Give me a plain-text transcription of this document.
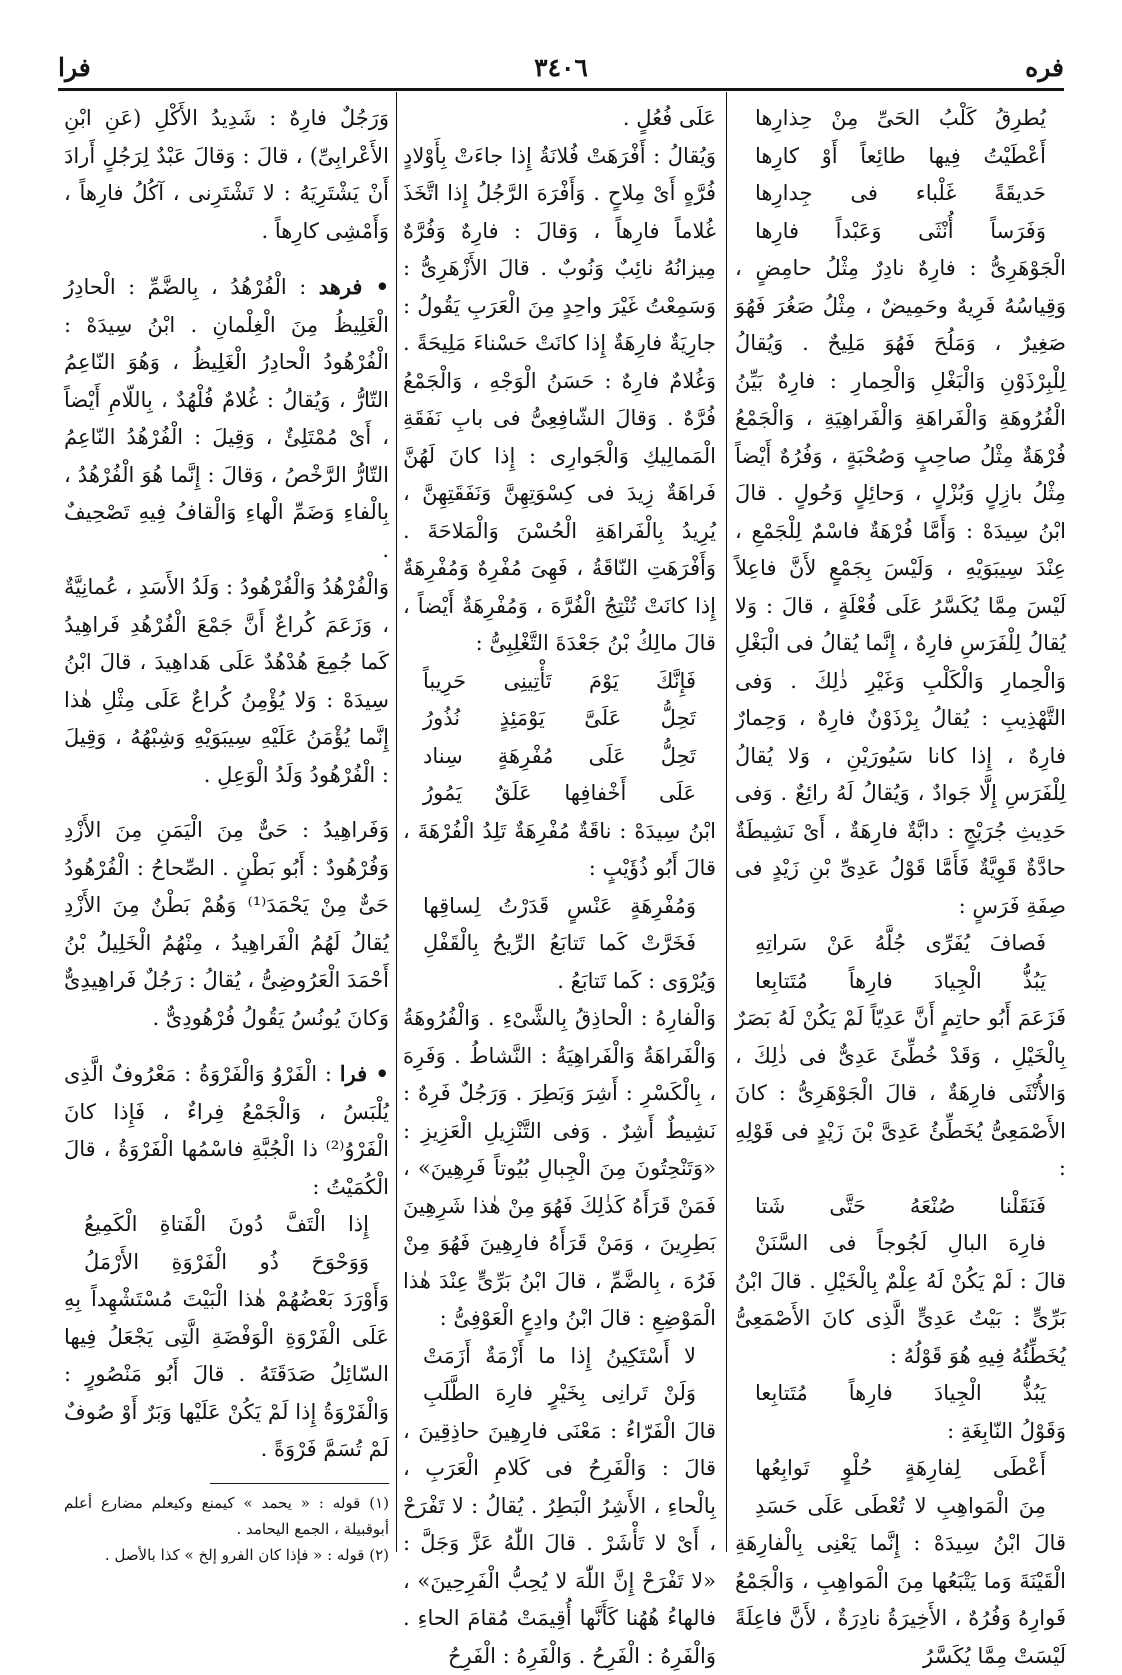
فره
٣٤٠٦
فرا

يُطرِقُ كَلْبُ الحَىِّ مِنْ حِذارِها

أَعْطَيْتُ فِيها طائِعاً أَوْ كارِها

حَديقَةً غَلْباء فى جِدارِها

وَفَرَساً أُنْثَى وَعَبْداً فارِها

الْجَوْهَرِىُّ : فارِهٌ نادِرٌ مِثْلُ حامِضٍ ، وَقِياسُهُ فَرِيهٌ وحَمِيضٌ ، مِثْلُ صَغُرَ فَهُوَ صَغِيرٌ ، وَمَلُحَ فَهُوَ مَلِيحٌ . وَيُقالُ لِلْبِرْذَوْنِ وَالْبَغْلِ وَالْحِمارِ : فارِهٌ بَيِّنُ الْفُرُوهَةِ وَالْفَراهَةِ وَالْفَراهِيَةِ ، وَالْجَمْعُ فُرْهَةٌ مِثْلُ صاحِبٍ وَصُحْبَةٍ ، وَفُرُهٌ أَيْضاً مِثْلُ بازِلٍ وَبُزْلٍ ، وَحائِلٍ وَحُولٍ . قالَ ابْنُ سِيدَهْ : وَأَمَّا فُرْهَةٌ فاسْمٌ لِلْجَمْعِ ، عِنْدَ سِيبَوَيْهِ ، وَلَيْسَ بِجَمْعٍ لأَنَّ فاعِلاً لَيْسَ مِمَّا يُكَسَّرُ عَلَى فُعْلَةٍ ، قالَ : وَلا يُقالُ لِلْفَرَسِ فارِهٌ ، إِنَّما يُقالُ فى الْبَغْلِ وَالْحِمارِ وَالْكَلْبِ وَغَيْرِ ذٰلِكَ . وَفى التَّهْذِيبِ : يُقالُ بِرْذَوْنٌ فارِهٌ ، وَحِمارٌ فارِهٌ ، إِذا كانا سَيُورَيْنِ ، وَلا يُقالُ لِلْفَرَسِ إِلَّا جَوادٌ ، وَيُقالُ لَهُ رائِعٌ . وَفى حَدِيثِ جُرَيْجٍ : دابَّةٌ فارِهَةٌ ، أَىْ نَشِيطَةٌ حادَّةٌ قَوِيَّةٌ فَأَمَّا قَوْلُ عَدِىِّ بْنِ زَيْدٍ فى صِفَةِ فَرَسٍ :

فَصافَ يُفَرِّى جُلَّهُ عَنْ سَراتِهِ

يَبُذُّ الْجِيادَ فارِهاً مُتَتابِعا

فَزَعَمَ أَبُو حاتِمٍ أَنَّ عَدِيّاً لَمْ يَكُنْ لَهُ بَصَرٌ بِالْخَيْلِ ، وَقَدْ خُطِّئَ عَدِىٌّ فى ذٰلِكَ ، وَالأُنْثَى فارِهَةٌ ، قالَ الْجَوْهَرِىُّ : كانَ الأَصْمَعِىُّ يُخَطِّئُ عَدِىَّ بْنَ زَيْدٍ فى قَوْلِهِ :

فَنَقَلْنا صُنْعَهُ حَتَّى شَتا

فارِهَ البالِ لَجُوجاً فى السَّنَنْ

قالَ : لَمْ يَكُنْ لَهُ عِلْمٌ بِالْخَيْلِ . قالَ ابْنُ بَرِّىٍّ : بَيْتُ عَدِىٍّ الَّذِى كانَ الأَصْمَعِىُّ يُخَطِّئُهُ فِيهِ هُوَ قَوْلُهُ :

يَبُذُّ الْجِيادَ فارِهاً مُتَتابِعا

وَقَوْلُ النّابِغَةِ :

أَعْطَى لِفارِهَةٍ حُلْوٍ تَوابِعُها

مِنَ الْمَواهِبِ لا تُعْطَى عَلَى حَسَدِ

قالَ ابْنُ سِيدَهْ : إِنَّما يَعْنِى بِالْفارِهَةِ الْقَيْنَةَ وَما يَتْبَعُها مِنَ الْمَواهِبِ ، وَالْجَمْعُ فَوارِهُ وَفُرُهٌ ، الأَخِيرَةُ نادِرَةٌ ، لأَنَّ فاعِلَةً لَيْسَتْ مِمَّا يُكَسَّرُ

عَلَى فُعُلٍ .

وَيُقالُ : أَفْرَهَتْ فُلانَةُ إِذا جاءَتْ بِأَوْلادٍ فُرَّهٍ أَىْ مِلاحٍ . وَأَفْرَهَ الرَّجُلُ إِذا اتَّخَذَ غُلاماً فارِهاً ، وَقالَ : فارِهٌ وَفُرَّهٌ مِيزانُهُ نائِبٌ وَنُوبٌ . قالَ الأَزْهَرِىُّ : وَسَمِعْتُ غَيْرَ واحِدٍ مِنَ الْعَرَبِ يَقُولُ : جارِيَةٌ فارِهَةٌ إِذا كانَتْ حَسْناءَ مَلِيحَةً . وَغُلامٌ فارِهٌ : حَسَنُ الْوَجْهِ ، وَالْجَمْعُ فُرَّهٌ . وَقالَ الشّافِعِىُّ فى بابِ نَفَقَةِ الْمَمالِيكِ وَالْجَوارِى : إِذا كانَ لَهُنَّ فَراهَةٌ زِيدَ فى كِسْوَتِهِنَّ وَنَفَقَتِهِنَّ ، يُرِيدُ بِالْفَراهَةِ الْحُسْنَ وَالْمَلاحَةَ . وَأَفْرَهَتِ النّاقَةُ ، فَهِىَ مُفْرِهٌ وَمُفْرِهَةٌ إِذا كانَتْ تُنْتِجُ الْفُرَّهَ ، وَمُفْرِهَةٌ أَيْضاً ، قالَ مالِكُ بْنُ جَعْدَةَ التَّغْلِبِىُّ :

فَإِنَّكَ يَوْمَ تَأْتِينِى حَرِيباً

تَحِلُّ عَلَىَّ يَوْمَئِذٍ نُذُورُ

تَحِلُّ عَلَى مُفْرِهَةٍ سِناد

عَلَى أَخْفافِها عَلَقٌ يَمُورُ

ابْنُ سِيدَهْ : ناقَةٌ مُفْرِهَةٌ تَلِدُ الْفُرْهَةَ ، قالَ أَبُو ذُؤَيْبٍ :

وَمُفْرِهَةٍ عَنْسٍ قَدَرْتُ لِساقِها

فَخَرَّتْ كَما تَتابَعُ الرِّيحُ بِالْقَفْلِ

وَيُرْوَى : كَما تَتابَعُ .

وَالْفارِهُ : الْحاذِقُ بِالشَّىْءِ . وَالْفُرُوهَةُ وَالْفَراهَةُ وَالْفَراهِيَةُ : النَّشاطُ . وَفَرِهَ ، بِالْكَسْرِ : أَشِرَ وَبَطِرَ . وَرَجُلٌ فَرِهٌ : نَشِيطٌ أَشِرٌ . وَفى التَّنْزِيلِ الْعَزِيزِ : «وَتَنْحِتُونَ مِنَ الْجِبالِ بُيُوتاً فَرِهِينَ» ، فَمَنْ قَرَأَهُ كَذٰلِكَ فَهُوَ مِنْ هٰذا شَرِهِينَ بَطِرِينَ ، وَمَنْ قَرَأَهُ فارِهِينَ فَهُوَ مِنْ فَرُهَ ، بِالضَّمِّ ، قالَ ابْنُ بَرِّىٍّ عِنْدَ هٰذا الْمَوْضِعِ : قالَ ابْنُ وادِعٍ الْعَوْفِىُّ :

لا أَسْتَكِينُ إِذا ما أَزْمَةٌ أَزَمَتْ

وَلَنْ تَرانِى بِخَيْرٍ فارِهَ الطَّلَبِ

قالَ الْفَرّاءُ : مَعْنَى فارِهِينَ حاذِقِينَ ، قالَ : وَالْفَرِحُ فى كَلامِ الْعَرَبِ ، بِالْحاءِ ، الأَشِرُ الْبَطِرُ . يُقالُ : لا تَفْرَحْ ، أَىْ لا تَأْشَرْ . قالَ اللّٰهُ عَزَّ وَجَلَّ : «لا تَفْرَحْ إِنَّ اللّٰهَ لا يُحِبُّ الْفَرِحِينَ» ، فالهاءُ هُهُنا كَأَنَّها أُقِيمَتْ مُقامَ الحاءِ . وَالْفَرِهُ : الْفَرِحُ . وَالْفَرِهُ : الْفَرِحُ

وَرَجُلٌ فارِهٌ : شَدِيدُ الأَكْلِ (عَنِ ابْنِ الأَعْرابِىِّ) ، قالَ : وَقالَ عَبْدٌ لِرَجُلٍ أَرادَ أَنْ يَشْتَرِيَهُ : لا تَشْتَرِنى ، آكُلُ فارِهاً ، وَأَمْشِى كارِهاً .

• فرهد : الْفُرْهُدُ ، بِالضَّمِّ : الْحادِرُ الْغَلِيظُ مِنَ الْغِلْمانِ . ابْنُ سِيدَهْ : الْفُرْهُودُ الْحادِرُ الْغَلِيظُ ، وَهُوَ النّاعِمُ التّارُّ ، وَيُقالُ : غُلامٌ فُلْهُدٌ ، بِاللّامِ أَيْضاً ، أَىْ مُمْتَلِئٌ ، وَقِيلَ : الْفُرْهُدُ النّاعِمُ التّارُّ الرَّخْصُ ، وَقالَ : إِنَّما هُوَ الْفُرْهُدُ ، بِالْفاءِ وَضَمِّ الْهاءِ وَالْقافُ فِيهِ تَصْحِيفٌ .

وَالْفُرْهُدُ وَالْفُرْهُودُ : وَلَدُ الأَسَدِ ، عُمانِيَّةٌ ، وَزَعَمَ كُراعٌ أَنَّ جَمْعَ الْفُرْهُدِ فَراهِيدُ كَما جُمِعَ هُدْهُدٌ عَلَى هَداهِيدَ ، قالَ ابْنُ سِيدَهْ : وَلا يُؤْمِنُ كُراعٌ عَلَى مِثْلِ هٰذا إِنَّما يُؤْمَنُ عَلَيْهِ سِيبَوَيْهِ وَشِبْهُهُ ، وَقِيلَ : الْفُرْهُودُ وَلَدُ الْوَعِلِ .

وَفَراهِيدُ : حَىٌّ مِنَ الْيَمَنِ مِنَ الأَزْدِ وَفُرْهُودٌ : أَبُو بَطْنٍ . الصِّحاحُ : الْفُرْهُودُ حَىٌّ مِنْ يَحْمَدَ⁽¹⁾ وَهُمْ بَطْنٌ مِنَ الأَزْدِ يُقالُ لَهُمُ الْفَراهِيدُ ، مِنْهُمُ الْخَلِيلُ بْنُ أَحْمَدَ الْعَرُوضِىُّ ، يُقالُ : رَجُلٌ فَراهِيدِىٌّ وَكانَ يُونُسُ يَقُولُ فُرْهُودِىٌّ .

• فرا : الْفَرْوُ وَالْفَرْوَةُ : مَعْرُوفٌ الَّذِى يُلْبَسُ ، وَالْجَمْعُ فِراءٌ ، فَإِذا كانَ الْفَرْوُ⁽²⁾ ذا الْجُبَّةِ فاسْمُها الْفَرْوَةُ ، قالَ الْكُمَيْتُ :

إِذا الْتَفَّ دُونَ الْفَتاةِ الْكَمِيعُ

وَوَحْوَحَ ذُو الْفَرْوَةِ الأَرْمَلُ

وَأَوْرَدَ بَعْضُهُمْ هٰذا الْبَيْتَ مُسْتَشْهِداً بِهِ عَلَى الْفَرْوَةِ الْوَفْضَةِ الَّتِى يَجْعَلُ فِيها السّائِلُ صَدَقَتَهُ . قالَ أَبُو مَنْصُورٍ : وَالْفَرْوَةُ إِذا لَمْ يَكُنْ عَلَيْها وَبَرٌ أَوْ صُوفٌ لَمْ تُسَمَّ فَرْوَةً .

(١) قوله : « يحمد » كيمنع وكيعلم مضارع أعلم أبوقبيلة ، الجمع اليحامد .

(٢) قوله : « فإذا كان الفرو إلخ » كذا بالأصل .
